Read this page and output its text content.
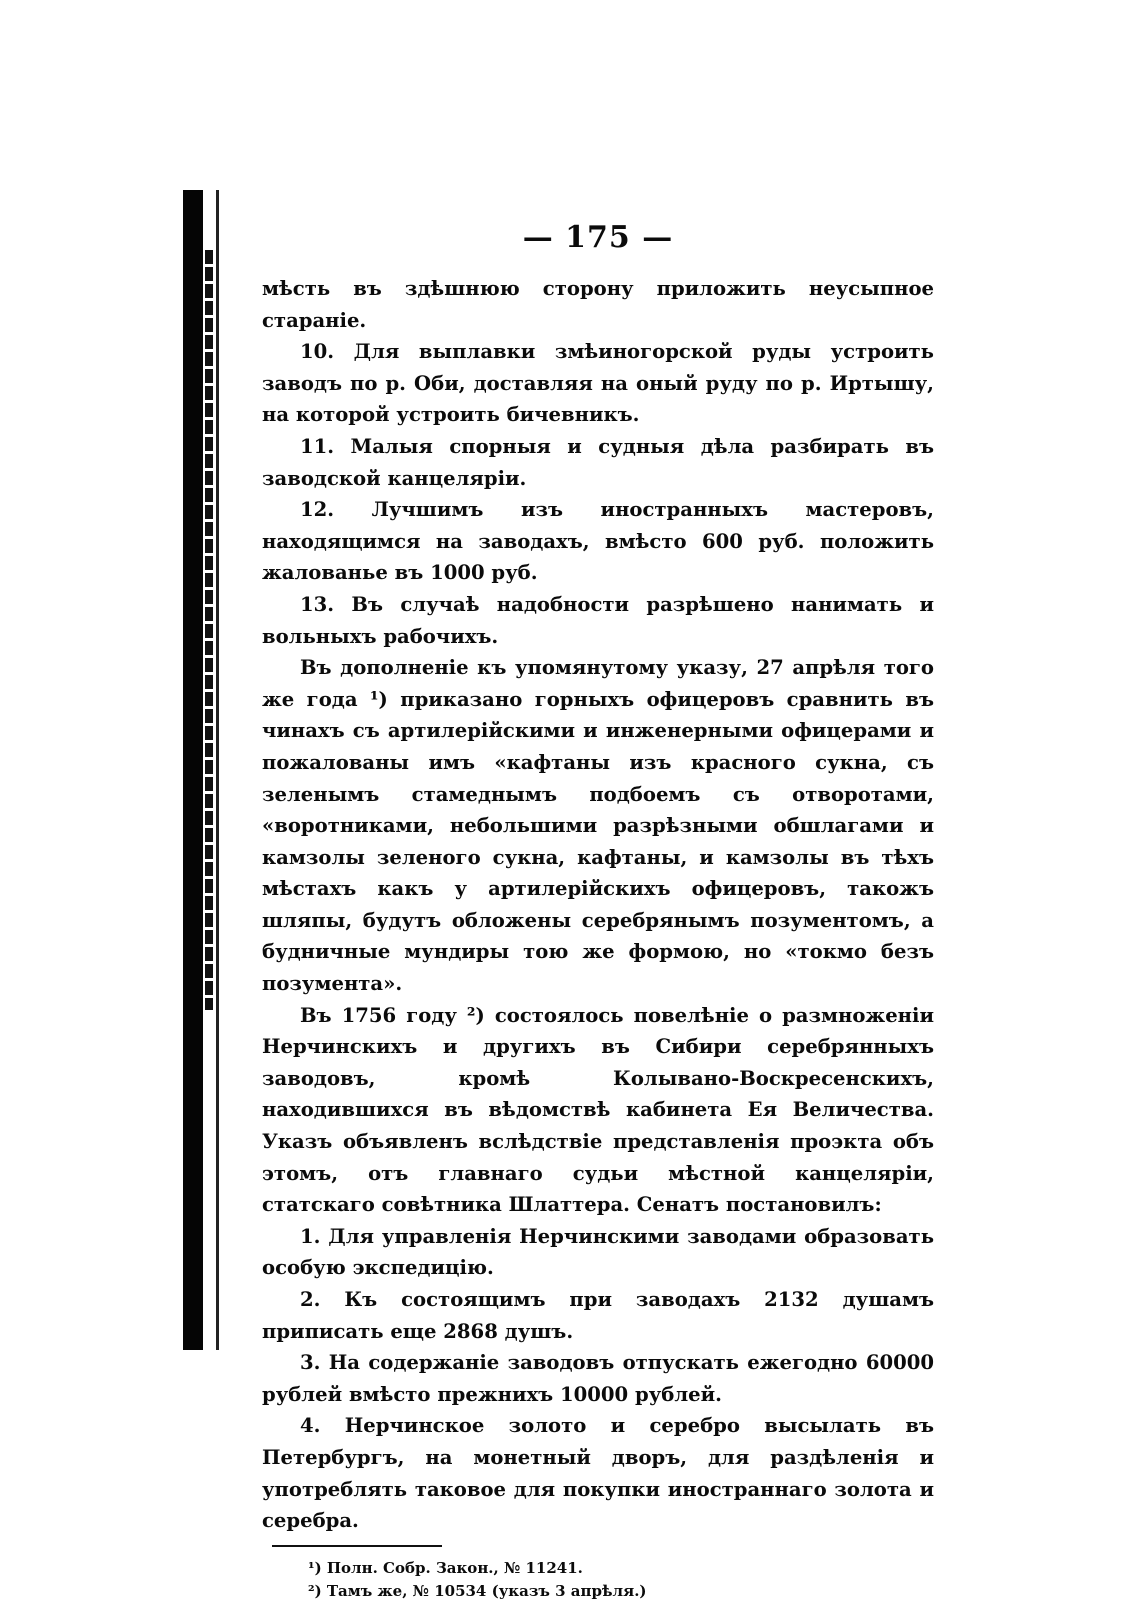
— 175 —

мѣсть въ здѣшнюю сторону приложить неусыпное старанiе.

10. Для выплавки змѣиногорской руды устроить заводъ по р. Оби, доставляя на оный руду по р. Иртышу, на которой устроить бичевникъ.

11. Малыя спорныя и судныя дѣла разбирать въ заводской канцелярiи.

12. Лучшимъ изъ иностранныхъ мастеровъ, находящимся на заводахъ, вмѣсто 600 руб. положить жалованье въ 1000 руб.

13. Въ случаѣ надобности разрѣшено нанимать и вольныхъ рабочихъ.

Въ дополненiе къ упомянутому указу, 27 апрѣля того же года ¹) приказано горныхъ офицеровъ сравнить въ чинахъ съ артилерiйскими и инженерными офицерами и пожалованы имъ «кафтаны изъ красного сукна, съ зеленымъ стамеднымъ подбоемъ съ отворотами, «воротниками, небольшими разрѣзными обшлагами и камзолы зеленого сукна, кафтаны, и камзолы въ тѣхъ мѣстахъ какъ у артилерiйскихъ офицеровъ, такожъ шляпы, будутъ обложены серебрянымъ позументомъ, а будничные мундиры тою же формою, но «токмо безъ позумента».

Въ 1756 году ²) состоялось повелѣнiе о размноженiи Нерчинскихъ и другихъ въ Сибири серебрянныхъ заводовъ, кромѣ Колывано-Воскресенскихъ, находившихся въ вѣдомствѣ кабинета Ея Величества. Указъ объявленъ вслѣдствiе представленiя проэкта объ этомъ, отъ главнаго судьи мѣстной канцелярiи, статскаго совѣтника Шлаттера. Сенатъ постановилъ:

1. Для управленiя Нерчинскими заводами образовать особую экспедицiю.

2. Къ состоящимъ при заводахъ 2132 душамъ приписать еще 2868 душъ.

3. На содержанiе заводовъ отпускать ежегодно 60000 рублей вмѣсто прежнихъ 10000 рублей.

4. Нерчинское золото и серебро высылать въ Петербургъ, на монетный дворъ, для раздѣленiя и употреблять таковое для покупки иностраннаго золота и серебра.

¹) Полн. Собр. Закон., № 11241.
²) Тамъ же, № 10534 (указъ 3 апрѣля.)
